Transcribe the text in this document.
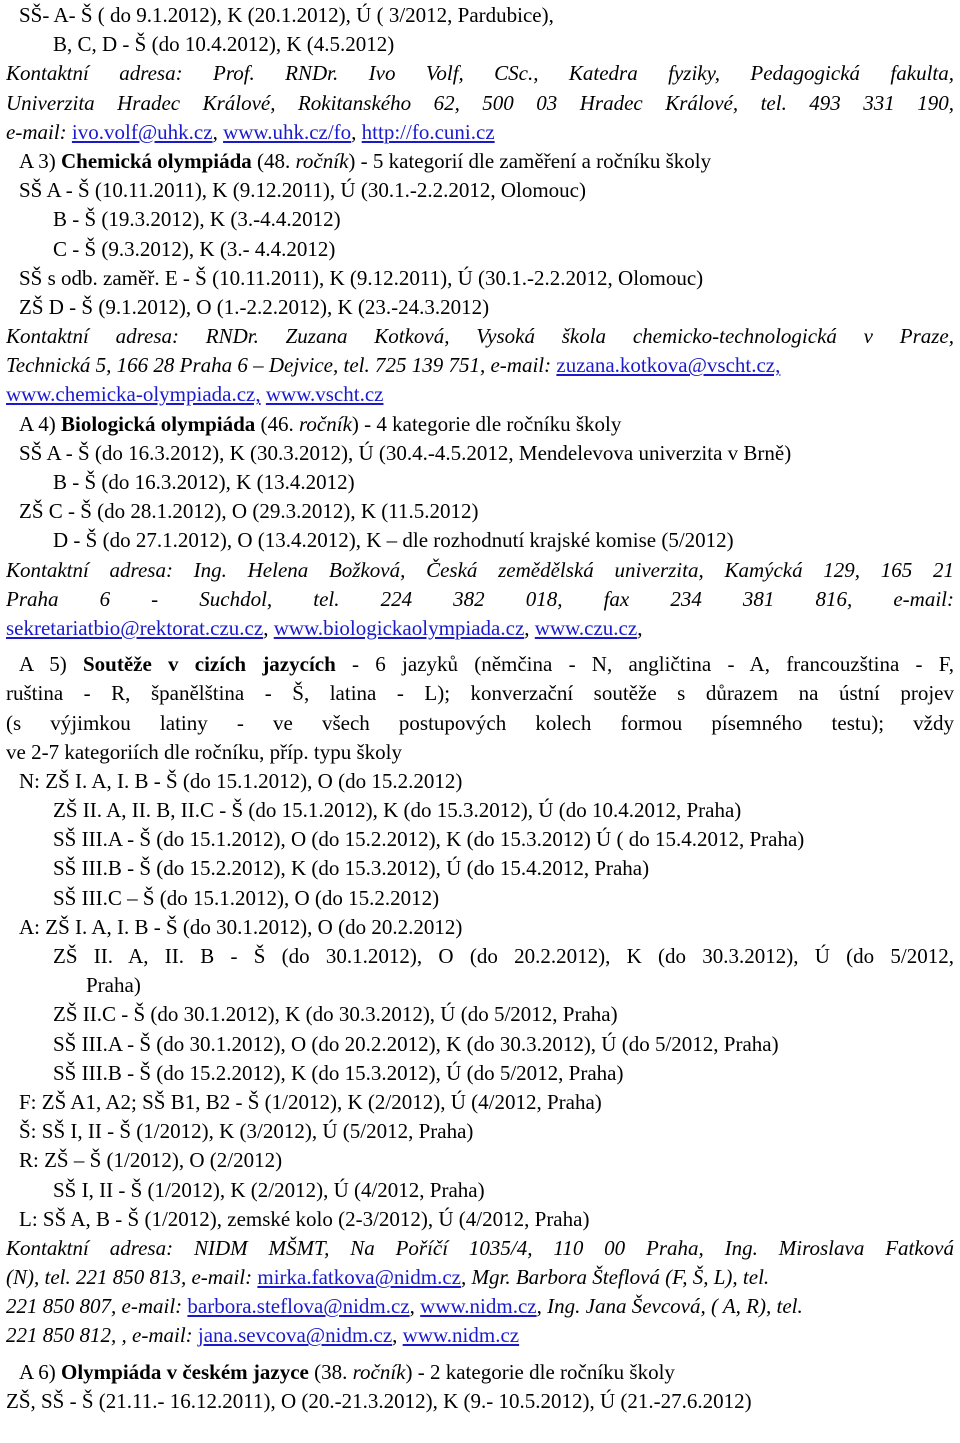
SŠ- A- Š ( do 9.1.2012), K (20.1.2012), Ú ( 3/2012, Pardubice),
B, C, D - Š (do 10.4.2012), K (4.5.2012)
Kontaktní adresa: Prof. RNDr. Ivo Volf, CSc., Katedra fyziky, Pedagogická fakulta,
Univerzita Hradec Králové, Rokitanského 62, 500 03 Hradec Králové, tel. 493 331 190,
e-mail: ivo.volf@uhk.cz, www.uhk.cz/fo, http://fo.cuni.cz
A 3) Chemická olympiáda (48. ročník) - 5 kategorií dle zaměření a ročníku školy
SŠ A - Š (10.11.2011), K (9.12.2011), Ú (30.1.-2.2.2012, Olomouc)
B - Š (19.3.2012), K (3.-4.4.2012)
C - Š (9.3.2012), K (3.- 4.4.2012)
SŠ s odb. zaměř. E - Š (10.11.2011), K (9.12.2011), Ú (30.1.-2.2.2012, Olomouc)
ZŠ D - Š (9.1.2012), O (1.-2.2.2012), K (23.-24.3.2012)
Kontaktní adresa: RNDr. Zuzana Kotková, Vysoká škola chemicko-technologická v Praze,
Technická 5, 166 28 Praha 6 – Dejvice, tel. 725 139 751, e-mail: zuzana.kotkova@vscht.cz,
www.chemicka-olympiada.cz, www.vscht.cz
A 4) Biologická olympiáda (46. ročník) - 4 kategorie dle ročníku školy
SŠ A - Š (do 16.3.2012), K (30.3.2012), Ú (30.4.-4.5.2012, Mendelevova univerzita v Brně)
B - Š (do 16.3.2012), K (13.4.2012)
ZŠ C - Š (do 28.1.2012), O (29.3.2012), K (11.5.2012)
D - Š (do 27.1.2012), O (13.4.2012), K – dle rozhodnutí krajské komise (5/2012)
Kontaktní adresa: Ing. Helena Božková, Česká zemědělská univerzita, Kamýcká 129, 165 21
Praha 6 - Suchdol, tel. 224 382 018, fax 234 381 816, e-mail:
sekretariatbio@rektorat.czu.cz, www.biologickaolympiada.cz, www.czu.cz,
A 5) Soutěže v cizích jazycích - 6 jazyků (němčina - N, angličtina - A, francouzština - F,
ruština - R, španělština - Š, latina - L); konverzační soutěže s důrazem na ústní projev
(s výjimkou latiny - ve všech postupových kolech formou písemného testu); vždy
ve 2-7 kategoriích dle ročníku, příp. typu školy
N: ZŠ I. A, I. B - Š (do 15.1.2012), O (do 15.2.2012)
ZŠ II. A, II. B, II.C - Š (do 15.1.2012), K (do 15.3.2012), Ú (do 10.4.2012, Praha)
SŠ III.A - Š (do 15.1.2012), O (do 15.2.2012), K (do 15.3.2012) Ú ( do 15.4.2012, Praha)
SŠ III.B - Š (do 15.2.2012), K (do 15.3.2012), Ú (do 15.4.2012, Praha)
SŠ III.C – Š (do 15.1.2012), O (do 15.2.2012)
A: ZŠ I. A, I. B - Š (do 30.1.2012), O (do 20.2.2012)
ZŠ II. A, II. B - Š (do 30.1.2012), O (do 20.2.2012), K (do 30.3.2012), Ú (do 5/2012,
Praha)
ZŠ II.C - Š (do 30.1.2012), K (do 30.3.2012), Ú (do 5/2012, Praha)
SŠ III.A - Š (do 30.1.2012), O (do 20.2.2012), K (do 30.3.2012), Ú (do 5/2012, Praha)
SŠ III.B - Š (do 15.2.2012), K (do 15.3.2012), Ú (do 5/2012, Praha)
F: ZŠ A1, A2; SŠ B1, B2 - Š (1/2012), K (2/2012), Ú (4/2012, Praha)
Š: SŠ I, II - Š (1/2012), K (3/2012), Ú (5/2012, Praha)
R: ZŠ – Š (1/2012), O (2/2012)
SŠ I, II - Š (1/2012), K (2/2012), Ú (4/2012, Praha)
L: SŠ A, B - Š (1/2012), zemské kolo (2-3/2012), Ú (4/2012, Praha)
Kontaktní adresa: NIDM MŠMT, Na Poříčí 1035/4, 110 00 Praha, Ing. Miroslava Fatková
(N), tel. 221 850 813, e-mail: mirka.fatkova@nidm.cz, Mgr. Barbora Šteflová (F, Š, L), tel.
221 850 807, e-mail: barbora.steflova@nidm.cz, www.nidm.cz, Ing. Jana Ševcová, ( A, R), tel.
221 850 812, , e-mail: jana.sevcova@nidm.cz, www.nidm.cz
A 6) Olympiáda v českém jazyce (38. ročník) - 2 kategorie dle ročníku školy
ZŠ, SŠ - Š (21.11.- 16.12.2011), O (20.-21.3.2012), K (9.- 10.5.2012), Ú (21.-27.6.2012)
